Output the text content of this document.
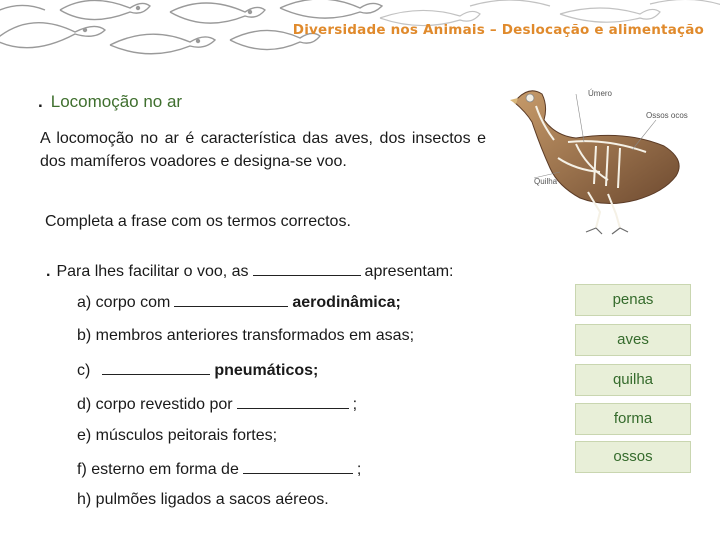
Diversidade nos Animais – Deslocação e alimentação
. Locomoção no ar
A locomoção no ar é característica das aves, dos insectos e dos mamíferos voadores e designa-se voo.
Úmero
Ossos ocos
Quilha
Completa a frase com os termos correctos.
. Para lhes facilitar o voo, as	apresentam:
a) corpo com	aerodinâmica;
b) membros anteriores transformados em asas;
c)	pneumáticos;
d) corpo revestido por	;
e) músculos peitorais fortes;
f) esterno em forma de	;
h) pulmões ligados a sacos aéreos.
penas
aves
quilha
forma
ossos
